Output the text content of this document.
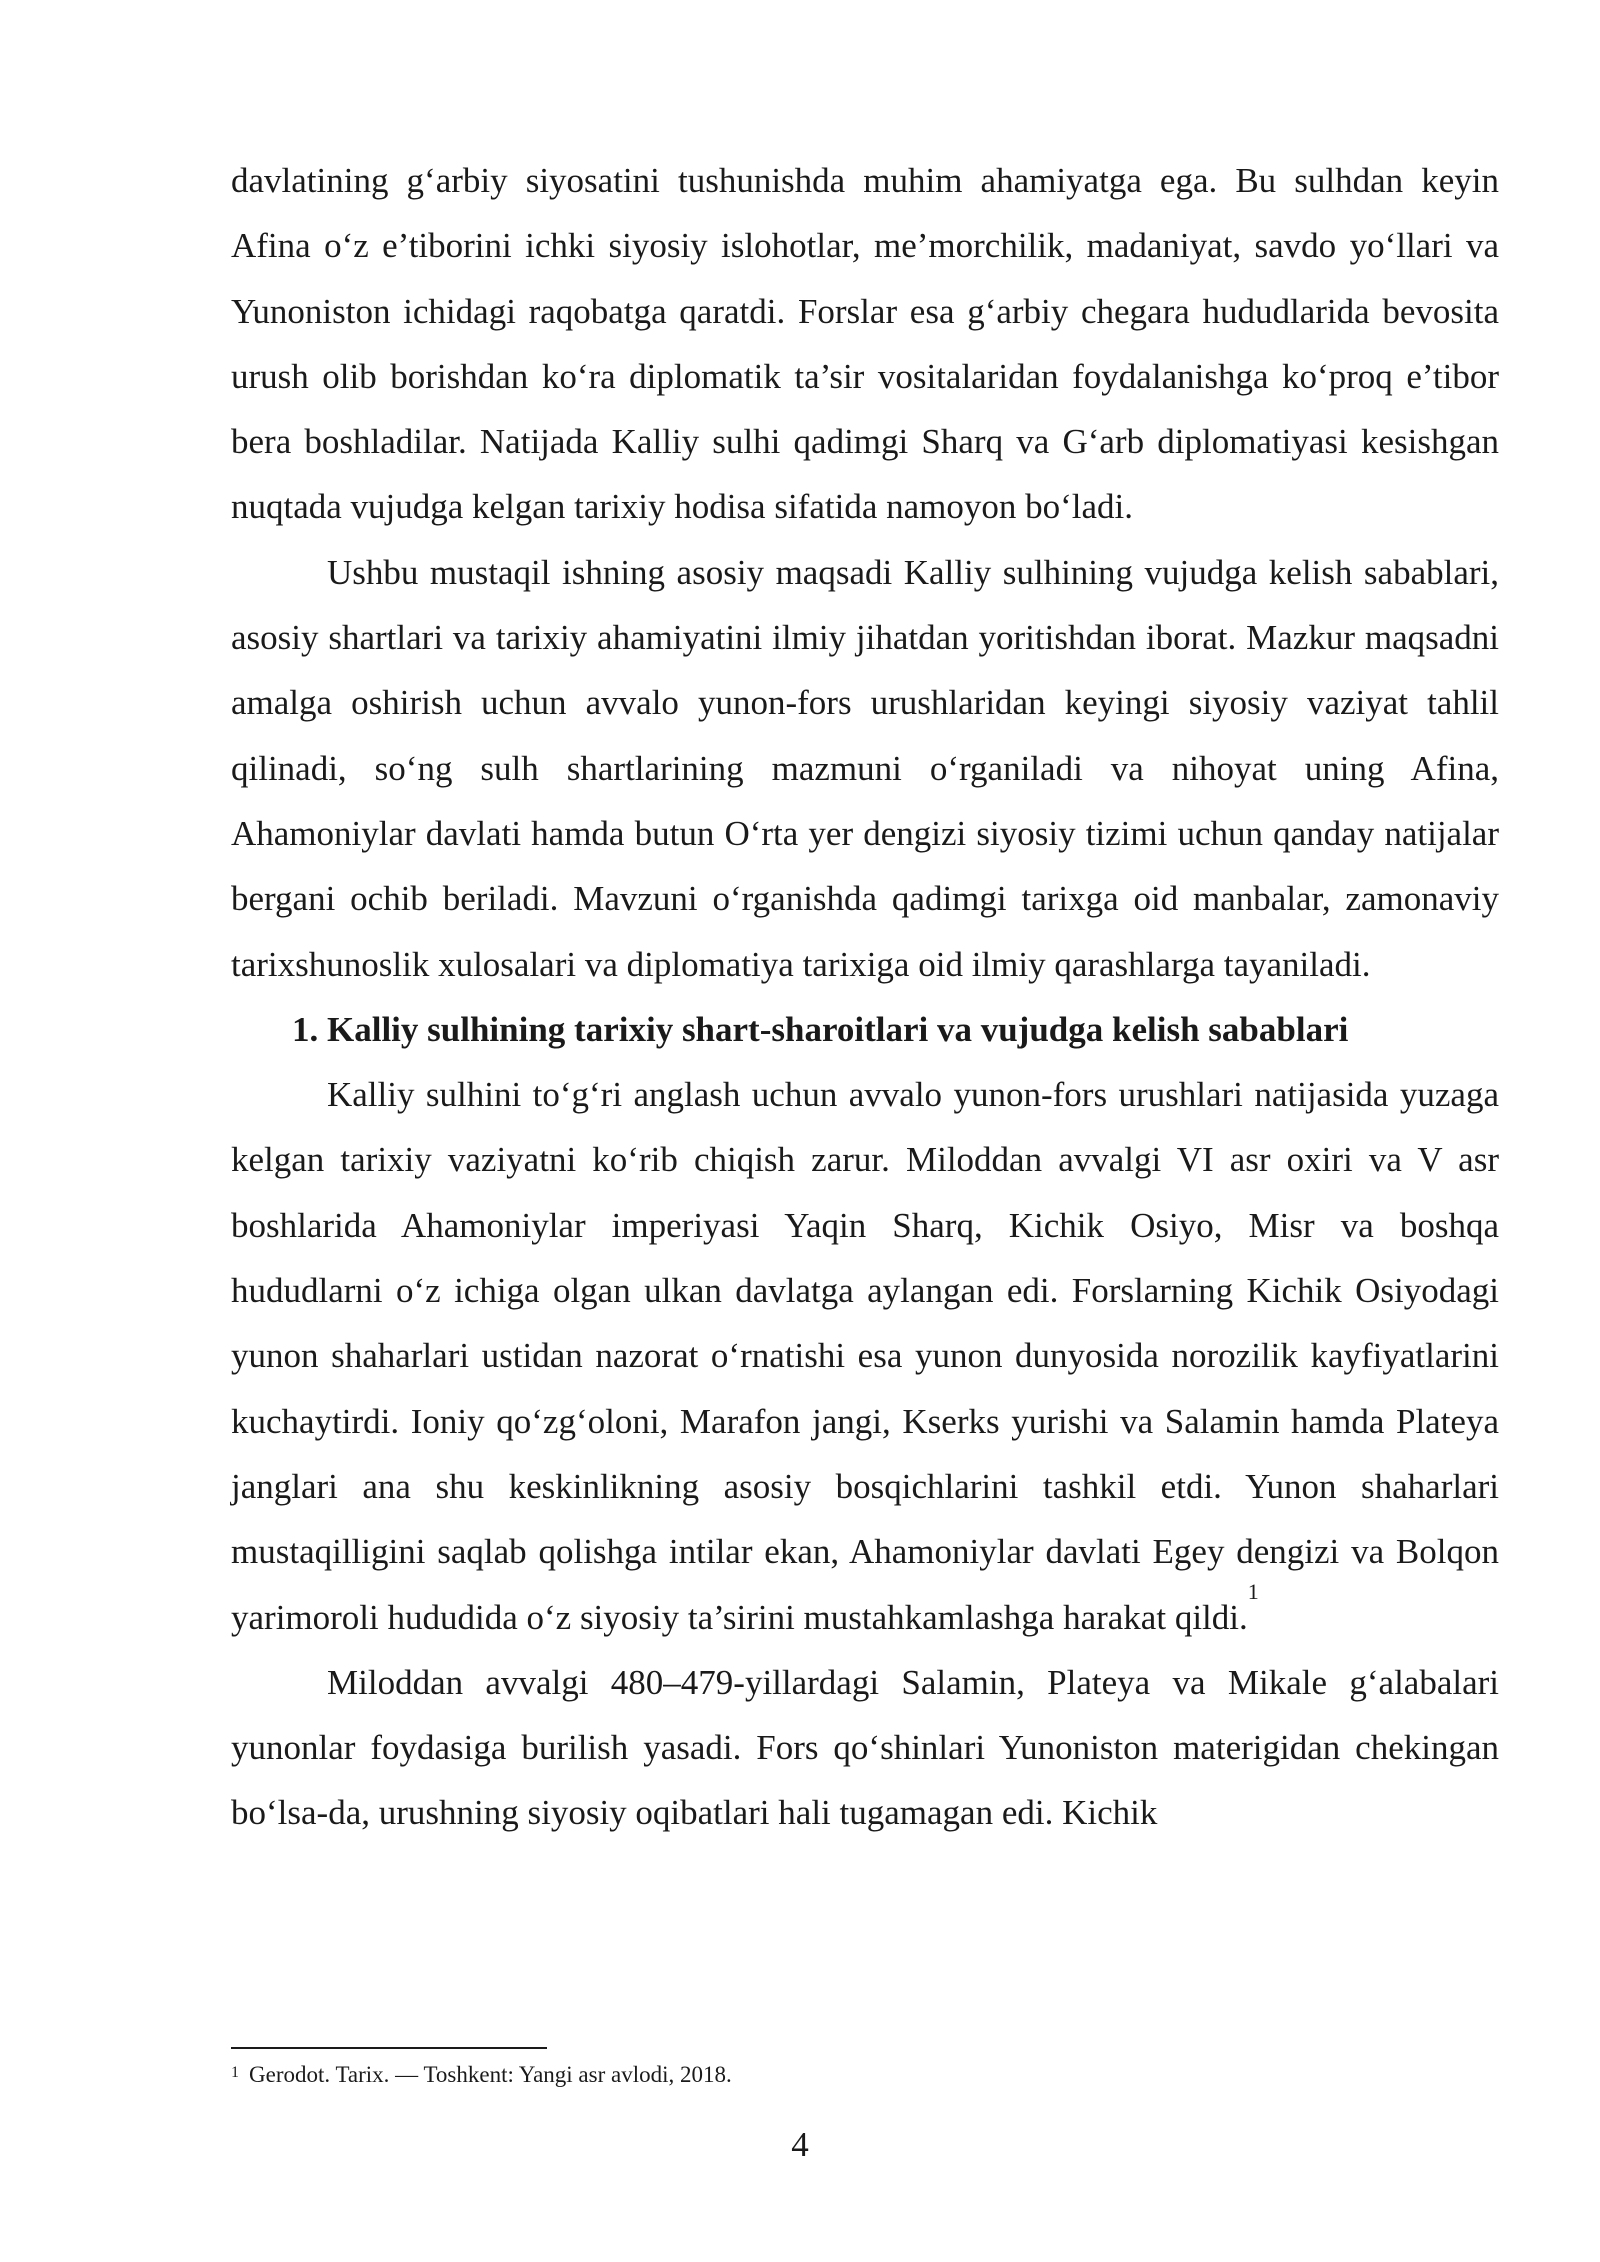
davlatining g‘arbiy siyosatini tushunishda muhim ahamiyatga ega. Bu sulhdan keyin Afina o‘z e’tiborini ichki siyosiy islohotlar, me’morchilik, madaniyat, savdo yo‘llari va Yunoniston ichidagi raqobatga qaratdi. Forslar esa g‘arbiy chegara hududlarida bevosita urush olib borishdan ko‘ra diplomatik ta’sir vositalaridan foydalanishga ko‘proq e’tibor bera boshladilar. Natijada Kalliy sulhi qadimgi Sharq va G‘arb diplomatiyasi kesishgan nuqtada vujudga kelgan tarixiy hodisa sifatida namoyon bo‘ladi.

Ushbu mustaqil ishning asosiy maqsadi Kalliy sulhining vujudga kelish sabablari, asosiy shartlari va tarixiy ahamiyatini ilmiy jihatdan yoritishdan iborat. Mazkur maqsadni amalga oshirish uchun avvalo yunon-fors urushlaridan keyingi siyosiy vaziyat tahlil qilinadi, so‘ng sulh shartlarining mazmuni o‘rganiladi va nihoyat uning Afina, Ahamoniylar davlati hamda butun O‘rta yer dengizi siyosiy tizimi uchun qanday natijalar bergani ochib beriladi. Mavzuni o‘rganishda qadimgi tarixga oid manbalar, zamonaviy tarixshunoslik xulosalari va diplomatiya tarixiga oid ilmiy qarashlarga tayaniladi.

1. Kalliy sulhining tarixiy shart-sharoitlari va vujudga kelish sabablari

Kalliy sulhini to‘g‘ri anglash uchun avvalo yunon-fors urushlari natijasida yuzaga kelgan tarixiy vaziyatni ko‘rib chiqish zarur. Miloddan avvalgi VI asr oxiri va V asr boshlarida Ahamoniylar imperiyasi Yaqin Sharq, Kichik Osiyo, Misr va boshqa hududlarni o‘z ichiga olgan ulkan davlatga aylangan edi. Forslarning Kichik Osiyodagi yunon shaharlari ustidan nazorat o‘rnatishi esa yunon dunyosida norozilik kayfiyatlarini kuchaytirdi. Ioniy qo‘zg‘oloni, Marafon jangi, Kserks yurishi va Salamin hamda Plateya janglari ana shu keskinlikning asosiy bosqichlarini tashkil etdi. Yunon shaharlari mustaqilligini saqlab qolishga intilar ekan, Ahamoniylar davlati Egey dengizi va Bolqon yarimoroli hududida o‘z siyosiy ta’sirini mustahkamlashga harakat qildi.$^1$

Miloddan avvalgi 480–479-yillardagi Salamin, Plateya va Mikale g‘alabalari yunonlar foydasiga burilish yasadi. Fors qo‘shinlari Yunoniston materigidan chekingan bo‘lsa-da, urushning siyosiy oqibatlari hali tugamagan edi. Kichik

$^1$ Gerodot. Tarix. — Toshkent: Yangi asr avlodi, 2018.
4
